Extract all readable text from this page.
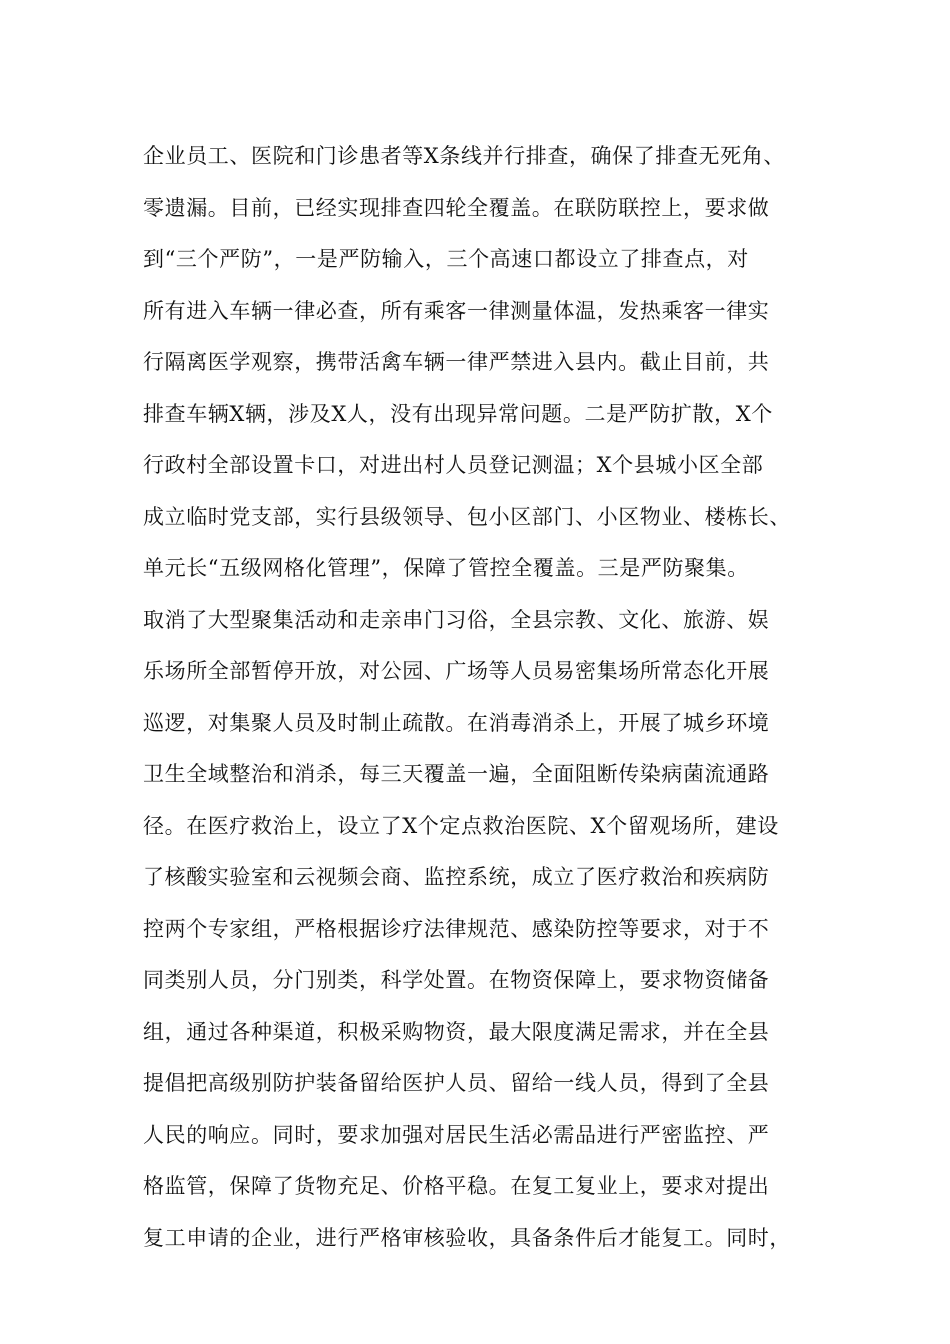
企业员工、医院和门诊患者等X条线并行排查，确保了排查无死角、
零遗漏。目前，已经实现排查四轮全覆盖。在联防联控上，要求做
到“三个严防”，一是严防输入，三个高速口都设立了排查点，对
所有进入车辆一律必查，所有乘客一律测量体温，发热乘客一律实
行隔离医学观察，携带活禽车辆一律严禁进入县内。截止目前，共
排查车辆X辆，涉及X人，没有出现异常问题。二是严防扩散，X个
行政村全部设置卡口，对进出村人员登记测温；X个县城小区全部
成立临时党支部，实行县级领导、包小区部门、小区物业、楼栋长、
单元长“五级网格化管理”，保障了管控全覆盖。三是严防聚集。
取消了大型聚集活动和走亲串门习俗，全县宗教、文化、旅游、娱
乐场所全部暂停开放，对公园、广场等人员易密集场所常态化开展
巡逻，对集聚人员及时制止疏散。在消毒消杀上，开展了城乡环境
卫生全域整治和消杀，每三天覆盖一遍，全面阻断传染病菌流通路
径。在医疗救治上，设立了X个定点救治医院、X个留观场所，建设
了核酸实验室和云视频会商、监控系统，成立了医疗救治和疾病防
控两个专家组，严格根据诊疗法律规范、感染防控等要求，对于不
同类别人员，分门别类，科学处置。在物资保障上，要求物资储备
组，通过各种渠道，积极采购物资，最大限度满足需求，并在全县
提倡把高级别防护装备留给医护人员、留给一线人员，得到了全县
人民的响应。同时，要求加强对居民生活必需品进行严密监控、严
格监管，保障了货物充足、价格平稳。在复工复业上，要求对提出
复工申请的企业，进行严格审核验收，具备条件后才能复工。同时，
